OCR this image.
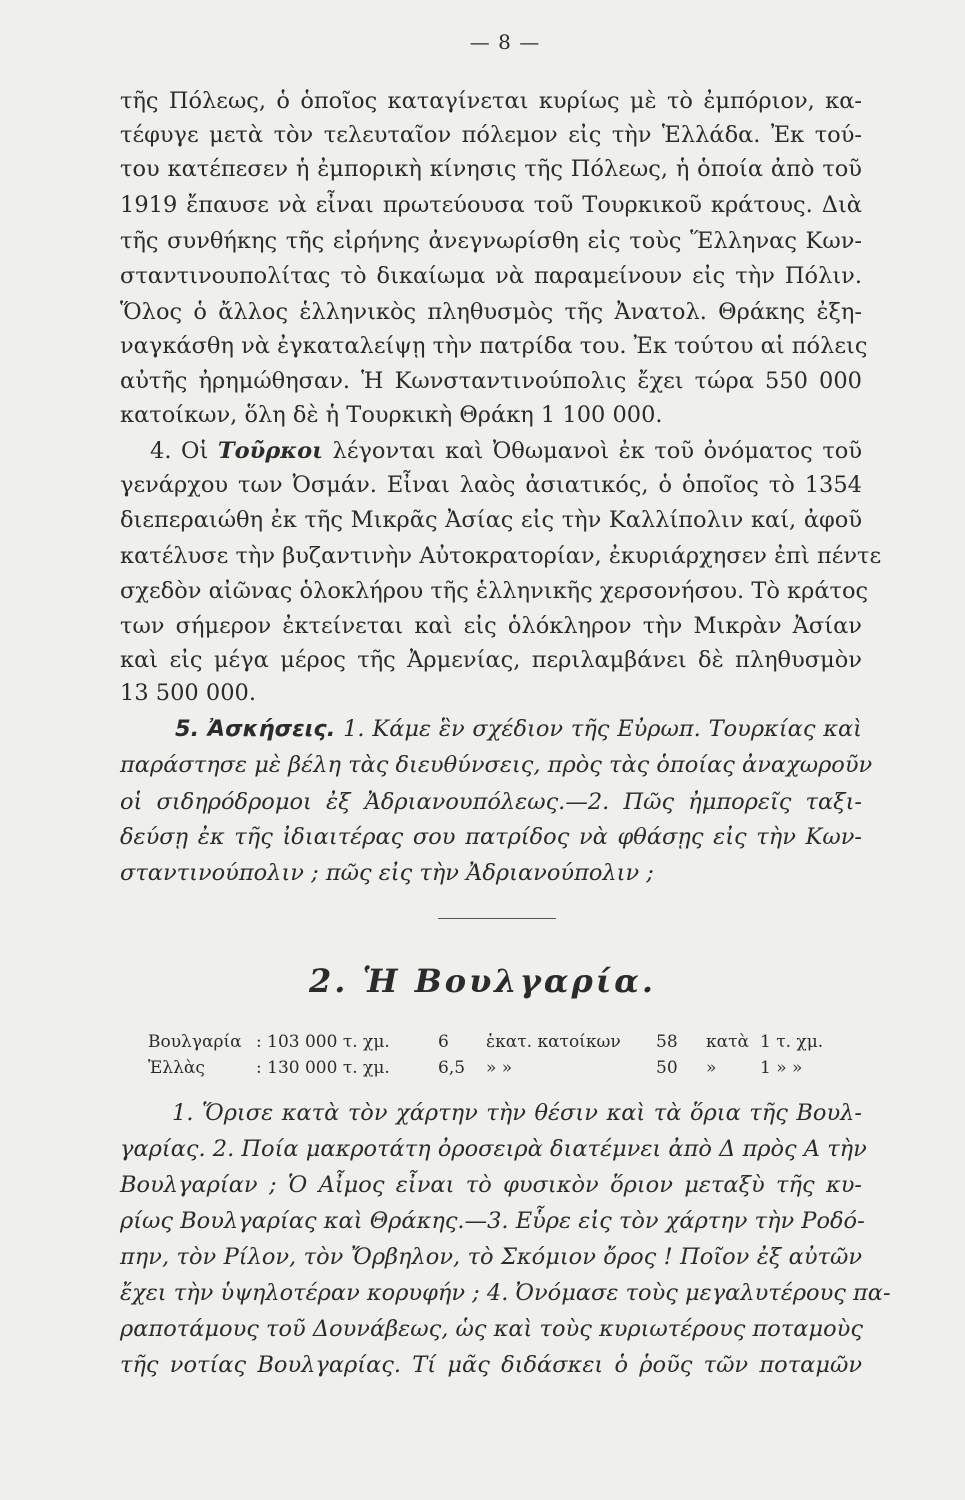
— 8 —
τῆς Πόλεως, ὁ ὁποῖος καταγίνεται κυρίως μὲ τὸ ἐμπόριον, κα-
τέφυγε μετὰ τὸν τελευταῖον πόλεμον εἰς τὴν Ἑλλάδα. Ἐκ τού-
του κατέπεσεν ἡ ἐμπορικὴ κίνησις τῆς Πόλεως, ἡ ὁποία ἀπὸ τοῦ
1919 ἔπαυσε νὰ εἶναι πρωτεύουσα τοῦ Τουρκικοῦ κράτους. Διὰ
τῆς συνθήκης τῆς εἰρήνης ἀνεγνωρίσθη εἰς τοὺς Ἕλληνας Κων-
σταντινουπολίτας τὸ δικαίωμα νὰ παραμείνουν εἰς τὴν Πόλιν.
Ὅλος ὁ ἄλλος ἑλληνικὸς πληθυσμὸς τῆς Ἀνατολ. Θράκης ἐξη-
ναγκάσθη νὰ ἐγκαταλείψῃ τὴν πατρίδα του. Ἐκ τούτου αἱ πόλεις
αὐτῆς ἠρημώθησαν. Ἡ Κωνσταντινούπολις ἔχει τώρα 550 000
κατοίκων, ὅλη δὲ ἡ Τουρκικὴ Θράκη 1 100 000.
4. Οἱ Τοῦρκοι λέγονται καὶ Ὀθωμανοὶ ἐκ τοῦ ὀνόματος τοῦ
γενάρχου των Ὀσμάν. Εἶναι λαὸς ἀσιατικός, ὁ ὁποῖος τὸ 1354
διεπεραιώθη ἐκ τῆς Μικρᾶς Ἀσίας εἰς τὴν Καλλίπολιν καί, ἀφοῦ
κατέλυσε τὴν βυζαντινὴν Αὐτοκρατορίαν, ἐκυριάρχησεν ἐπὶ πέντε
σχεδὸν αἰῶνας ὁλοκλήρου τῆς ἑλληνικῆς χερσονήσου. Τὸ κράτος
των σήμερον ἐκτείνεται καὶ εἰς ὁλόκληρον τὴν Μικρὰν Ἀσίαν
καὶ εἰς μέγα μέρος τῆς Ἀρμενίας, περιλαμβάνει δὲ πληθυσμὸν
13 500 000.
5. Ἀσκήσεις. 1. Κάμε ἓν σχέδιον τῆς Εὐρωπ. Τουρκίας καὶ
παράστησε μὲ βέλη τὰς διευθύνσεις, πρὸς τὰς ὁποίας ἀναχωροῦν
οἱ σιδηρόδρομοι ἐξ Ἀδριανουπόλεως.—2. Πῶς ἠμπορεῖς ταξι-
δεύσῃ ἐκ τῆς ἰδιαιτέρας σου πατρίδος νὰ φθάσῃς εἰς τὴν Κων-
σταντινούπολιν ; πῶς εἰς τὴν Ἀδριανούπολιν ;
2. Ἡ Βουλγαρία.
Βουλγαρία : 103 000 τ. χμ.	6 ἑκατ. κατοίκων 58 κατὰ 1 τ. χμ.
Ἑλλὰς	: 130 000 τ. χμ.	6,5 » »	50 »	1 » »
1. Ὅρισε κατὰ τὸν χάρτην τὴν θέσιν καὶ τὰ ὅρια τῆς Βουλ-
γαρίας. 2. Ποία μακροτάτη ὀροσειρὰ διατέμνει ἀπὸ Δ πρὸς Α τὴν
Βουλγαρίαν ; Ὁ Αἶμος εἶναι τὸ φυσικὸν ὅριον μεταξὺ τῆς κυ-
ρίως Βουλγαρίας καὶ Θράκης.—3. Εὗρε εἰς τὸν χάρτην τὴν Ροδό-
πην, τὸν Ρίλον, τὸν Ὄρβηλον, τὸ Σκόμιον ὄρος ! Ποῖον ἐξ αὐτῶν
ἔχει τὴν ὑψηλοτέραν κορυφήν ; 4. Ὀνόμασε τοὺς μεγαλυτέρους πα-
ραποτάμους τοῦ Δουνάβεως, ὡς καὶ τοὺς κυριωτέρους ποταμοὺς
τῆς νοτίας Βουλγαρίας. Τί μᾶς διδάσκει ὁ ῥοῦς τῶν ποταμῶν
